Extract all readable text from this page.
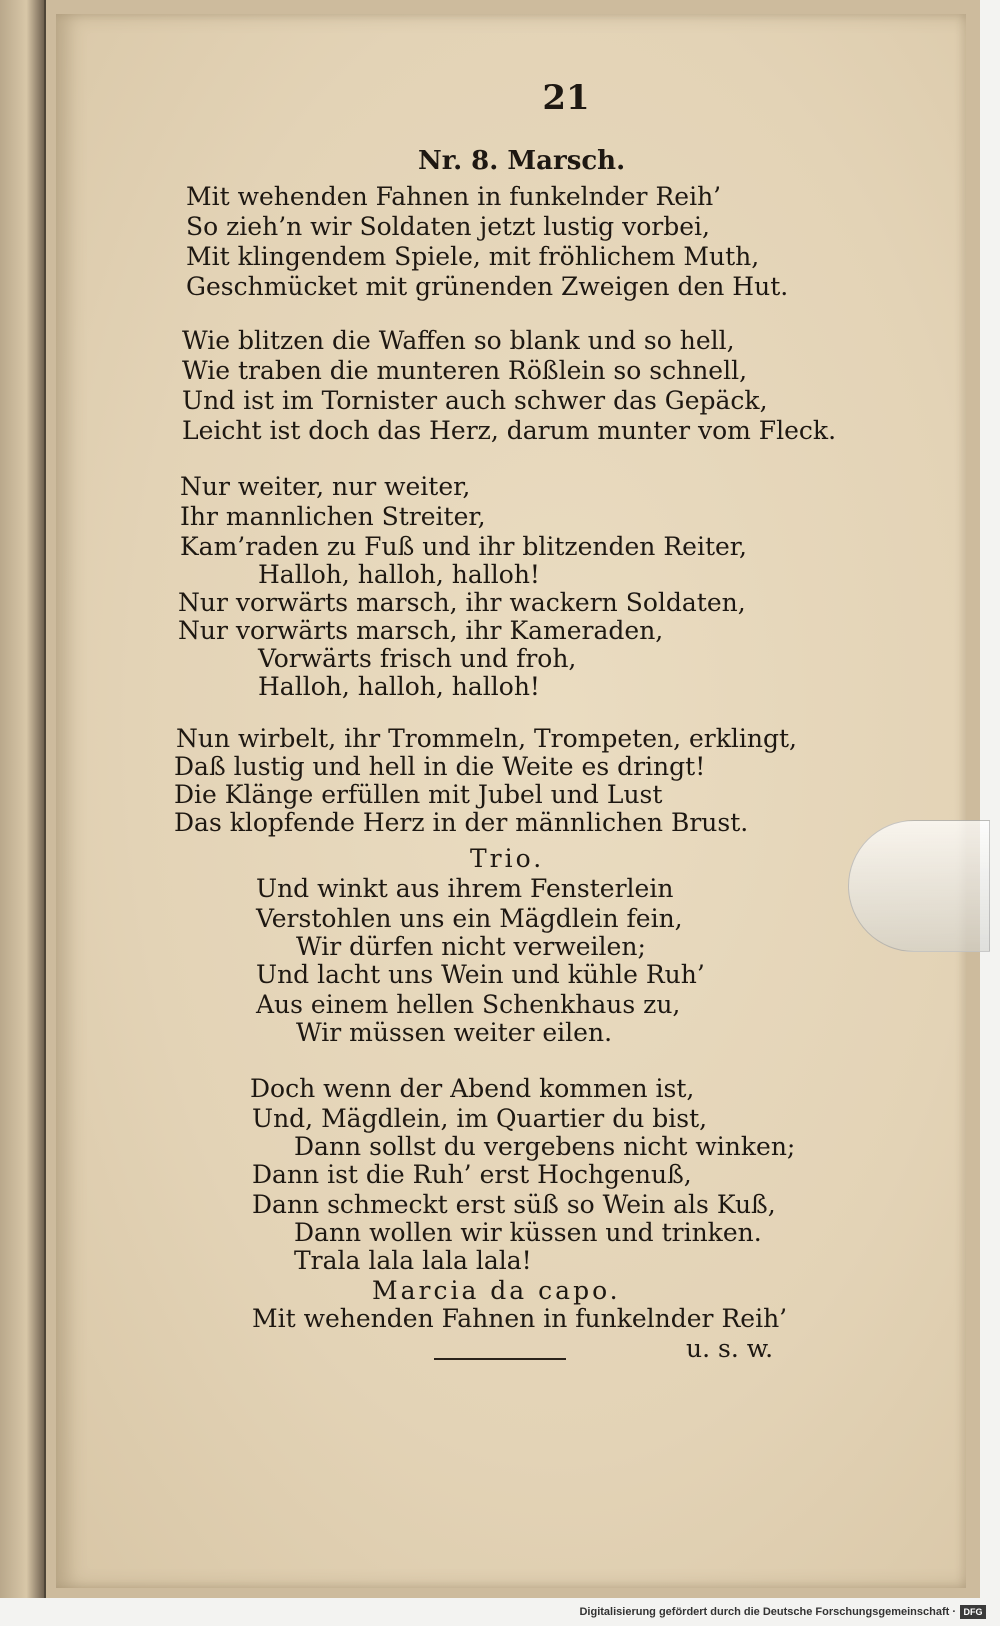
21
Nr. 8. Marsch.
Mit wehenden Fahnen in funkelnder Reih’
So zieh’n wir Soldaten jetzt lustig vorbei,
Mit klingendem Spiele, mit fröhlichem Muth,
Geschmücket mit grünenden Zweigen den Hut.
Wie blitzen die Waffen so blank und so hell,
Wie traben die munteren Rößlein so schnell,
Und ist im Tornister auch schwer das Gepäck,
Leicht ist doch das Herz, darum munter vom Fleck.
Nur weiter, nur weiter,
Ihr mannlichen Streiter,
Kam’raden zu Fuß und ihr blitzenden Reiter,
Halloh, halloh, halloh!
Nur vorwärts marsch, ihr wackern Soldaten,
Nur vorwärts marsch, ihr Kameraden,
Vorwärts frisch und froh,
Halloh, halloh, halloh!
Nun wirbelt, ihr Trommeln, Trompeten, erklingt,
Daß lustig und hell in die Weite es dringt!
Die Klänge erfüllen mit Jubel und Lust
Das klopfende Herz in der männlichen Brust.
Trio.
Und winkt aus ihrem Fensterlein
Verstohlen uns ein Mägdlein fein,
Wir dürfen nicht verweilen;
Und lacht uns Wein und kühle Ruh’
Aus einem hellen Schenkhaus zu,
Wir müssen weiter eilen.
Doch wenn der Abend kommen ist,
Und, Mägdlein, im Quartier du bist,
Dann sollst du vergebens nicht winken;
Dann ist die Ruh’ erst Hochgenuß,
Dann schmeckt erst süß so Wein als Kuß,
Dann wollen wir küssen und trinken.
Trala lala lala lala!
Marcia da capo.
Mit wehenden Fahnen in funkelnder Reih’
u. s. w.
Digitalisierung gefördert durch die Deutsche Forschungsgemeinschaft · DFG
